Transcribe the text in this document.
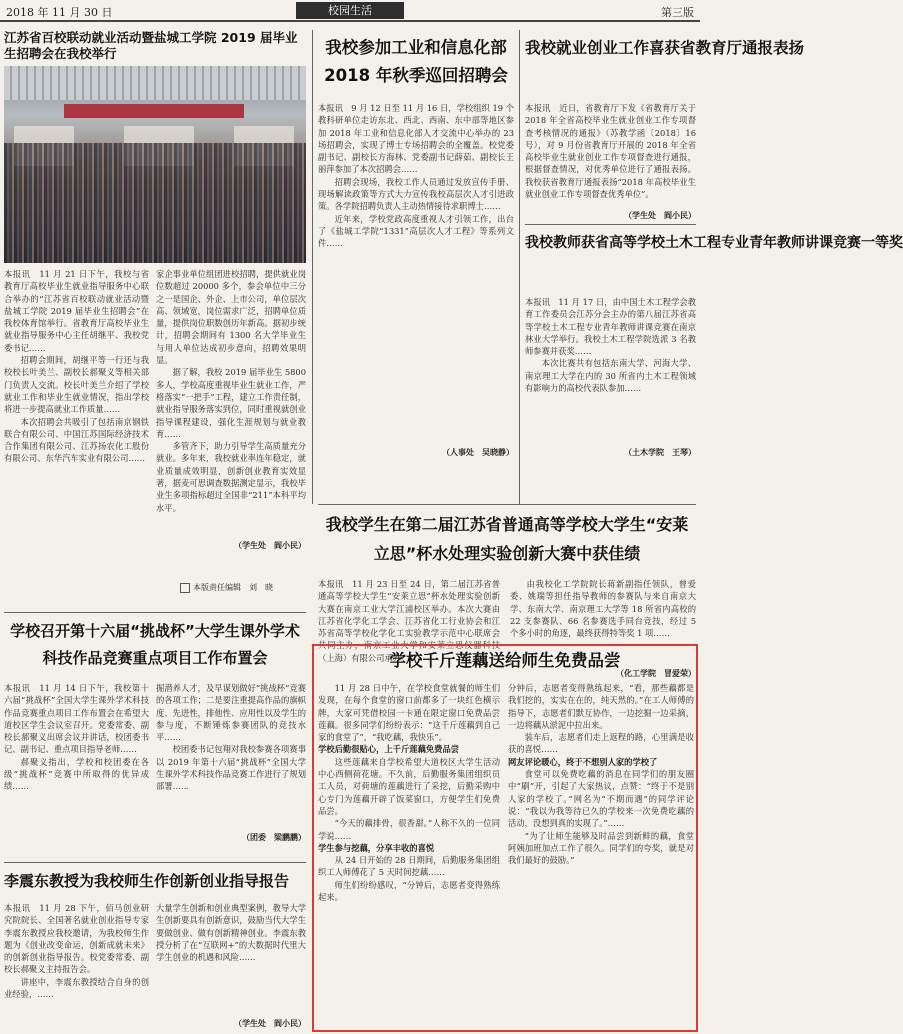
2018 年 11 月 30 日	校园生活	第三版
江苏省百校联动就业活动暨盐城工学院 2019 届毕业生招聘会在我校举行

本报讯　11 月 21 日下午，我校与省教育厅高校毕业生就业指导服务中心联合举办的“江苏省百校联动就业活动暨盐城工学院 2019 届毕业生招聘会”在我校体育馆举行。省教育厅高校毕业生就业指导服务中心主任胡继平、我校党委书记……

招聘会期间，胡继平等一行还与我校校长叶美兰、副校长郝聚义等相关部门负责人交流。校长叶美兰介绍了学校就业工作和毕业生就业情况，指出学校将进一步提高就业工作质量……

本次招聘会共吸引了包括南京钢铁联合有限公司、中国江苏国际经济技术合作集团有限公司、江苏扬农化工股份有限公司、东华汽车实业有限公司……

家企事业单位组团进校招聘，提供就业岗位数超过 20000 多个，参会单位中三分之一是国企、外企、上市公司，单位层次高、领域宽，岗位需求广泛，招聘单位质量，提供岗位职数创历年新高。据初步统计，招聘会期间有 1300 名大学毕业生与用人单位达成初步意向，招聘效果明显。

据了解，我校 2019 届毕业生 5800 多人，学校高度重视毕业生就业工作，严格落实“一把手”工程，建立工作责任制，就业指导服务落实到位，同时重视就创业指导课程建设，强化生涯规划与就业教育……

多管齐下，助力引导学生高质量充分就业。多年来，我校就业率连年稳定，就业质量成效明显，创新创业教育实效显著，据麦可思调查数据测定显示，我校毕业生多项指标超过全国非“211”本科平均水平。

（学生处　阎小民）
本版责任编辑　刘　晓
我校参加工业和信息化部 2018 年秋季巡回招聘会

本报讯　9 月 12 日至 11 月 16 日，学校组织 19 个教科研单位走访东北、西北、西南、东中部等地区参加 2018 年工业和信息化部人才交流中心举办的 23 场招聘会，实现了博士专场招聘会的全覆盖。校党委副书记、副校长方海林、党委副书记薛茹、副校长王丽萍参加了本次招聘会……

招聘会现场，我校工作人员通过发放宣传手册、现场解读政策等方式大力宣传我校高层次人才引进政策。各学院招聘负责人主动热情接待求职博士……

近年来，学校党政高度重视人才引领工作，出台了《盐城工学院“1331”高层次人才工程》等系列文件……

（人事处　吴晓静）
我校就业创业工作喜获省教育厅通报表扬

本报讯　近日，省教育厅下发《省教育厅关于 2018 年全省高校毕业生就业创业工作专项督查考核情况的通报》（苏教学函〔2018〕16 号），对 9 月份省教育厅开展的 2018 年全省高校毕业生就业创业工作专项督查进行通报，根据督查情况，对优秀单位进行了通报表扬。我校获省教育厅通报表扬“2018 年高校毕业生就业创业工作专项督查优秀单位”。

（学生处　阎小民）
我校教师获省高等学校土木工程专业青年教师讲课竞赛一等奖

本报讯　11 月 17 日，由中国土木工程学会教育工作委员会江苏分会主办的第八届江苏省高等学校土木工程专业青年教师讲课竞赛在南京林业大学举行。我校土木工程学院选派 3 名教师参赛并获奖……

本次比赛共有包括东南大学、河海大学、南京理工大学在内的 30 所省内土木工程领域有影响力的高校代表队参加……

（土木学院　王琴）
我校学生在第二届江苏省普通高等学校大学生“安莱立思”杯水处理实验创新大赛中获佳绩

本报讯　11 月 23 日至 24 日，第二届江苏省普通高等学校大学生“安莱立思”杯水处理实验创新大赛在南京工业大学江浦校区举办。本次大赛由江苏省化学化工学会、江苏省化工行业协会和江苏省高等学校化学化工实验教学示范中心联席会共同主办，南京工业大学和安莱立思仪器科技（上海）有限公司承办。

由我校化工学院院长蒋新副指任领队，曾爱委、姚瑞等担任指导教师的参赛队与来自南京大学、东南大学、南京理工大学等 18 所省内高校的 22 支参赛队、66 名参赛选手同台竞技，经过 5 个多小时的角逐，最终获得特等奖 1 项……

（化工学院　冒爱荣）
学校召开第十六届“挑战杯”大学生课外学术科技作品竞赛重点项目工作布置会

本报讯　11 月 14 日下午，我校第十六届“挑战杯”全国大学生课外学术科技作品竞赛重点项目工作布置会在希望大道校区学生会议室召开。党委常委、副校长郝聚义出席会议并讲话，校团委书记、副书记、重点项目指导老师……

郝聚义指出，学校和校团委在各级“挑战杯”竞赛中所取得的优异成绩……

掘潜养人才，及早谋划做好“挑战杯”竞赛的各项工作；二是要注重提高作品的旗帜度、先进性，排他性、应用性以及学生的参与度，不断锤炼参赛团队的竞技水平……

校团委书记包翔对我校参赛各项赛事以 2019 年第十六届“挑战杯”全国大学生课外学术科技作品竞赛工作进行了规划部署……

（团委　梁鹏鹏）
李震东教授为我校师生作创新创业指导报告

本报讯　11 月 28 下午，佰马创业研究院院长、全国著名就业创业指导专家李震东教授应我校邀请，为我校师生作题为《创业改变命运，创新成就未来》的创新创业指导报告。校党委常委、副校长郝聚义主持报告会。

讲座中，李震东教授结合自身的创业经验，……

大量学生创新和创业典型案例，教导大学生创新要具有创新意识，鼓励当代大学生要做创业、做有创新精神创业。李震东教授分析了在“互联网+”的大数据时代里大学生创业的机遇和风险……

（学生处　阎小民）
学校千斤莲藕送给师生免费品尝

11 月 28 日中午，在学校食堂就餐的师生们发现，在每个食堂的窗口前都多了一块红色横示牌，大家可凭借校园一卡通在限定窗口免费品尝莲藕。很多同学们纷纷表示：“这千斤莲藕到自己家的食堂了”，“我吃藕，我快乐”。

学校后勤很贴心，上千斤莲藕免费品尝

这些莲藕来自学校希望大道校区大学生活动中心西侧荷花塘。不久前，后勤服务集团组织员工人员，对荷塘的莲藕进行了采挖，后勤采购中心专门为莲藕开辟了饭菜窗口，方便学生们免费品尝。

“今天的藕排骨，很香甜。”人称不久的一位同学说……

学生参与挖藕，分享丰收的喜悦

从 24 日开始的 28 日期间，后勤服务集团组织工人师傅花了 5 天时间挖藕……

师生们纷纷感叹，“分钟后，志愿者变得熟练起来。

分钟后，志愿者变得熟练起来，“看，那些藕都是我们挖的，实实在在的，纯天然的。”在工人师傅的指导下，志愿者们默互协作，一边挖掘一边采摘，一边将藕从淤泥中拉出来。

装车后，志愿者们走上返程的路，心里满是收获的喜悦……

网友评论暖心，终于不想别人家的学校了

食堂可以免费吃藕的消息在同学们的朋友圈中“刷”开，引起了大家热议，点赞：“终于不是别人家的学校了。”网名为“不期而遇”的同学评论说：“我以为我等待已久的学校来一次免费吃藕的活动，没想到真的实现了。”……

“为了让师生能够及时品尝到新鲜的藕，食堂阿姨加班加点工作了很久。同学们的夸奖，就是对我们最好的鼓励。”
